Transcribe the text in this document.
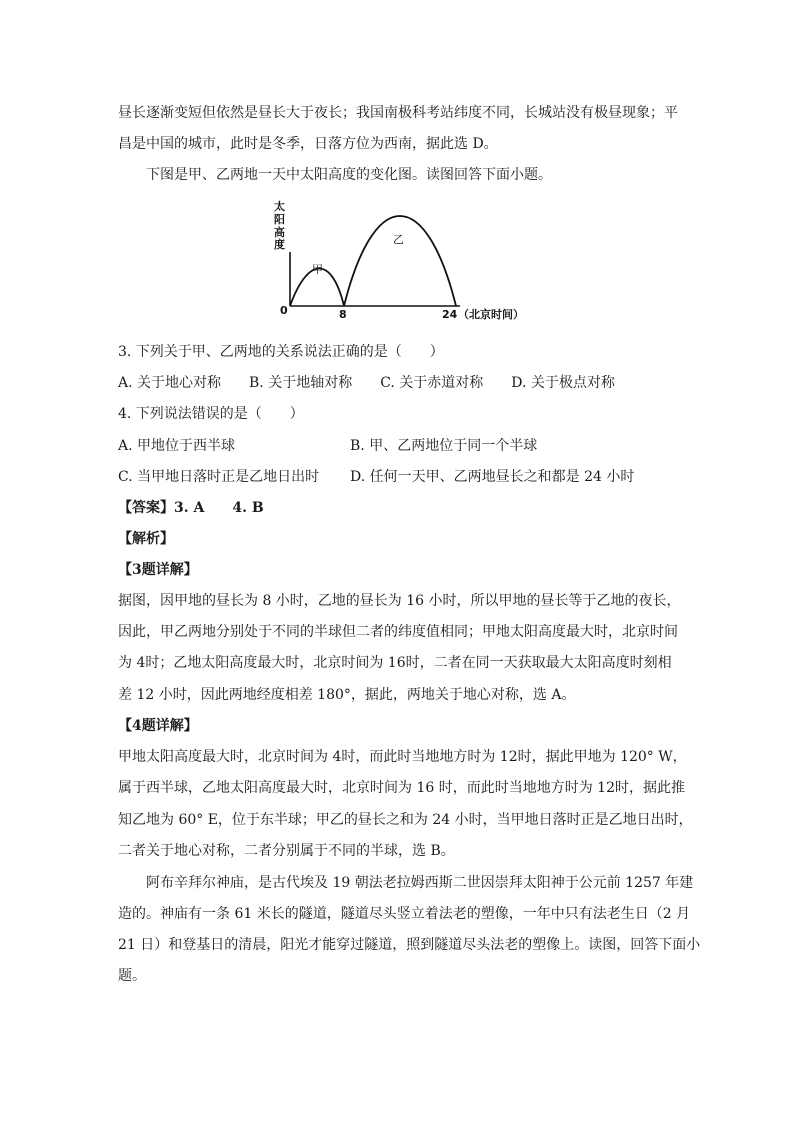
昼长逐渐变短但依然是昼长大于夜长；我国南极科考站纬度不同，长城站没有极昼现象；平
昌是中国的城市，此时是冬季，日落方位为西南，据此选 D。
下图是甲、乙两地一天中太阳高度的变化图。读图回答下面小题。
太
阳
高
度
甲
乙
0	8	24 （北京时间）
3. 下列关于甲、乙两地的关系说法正确的是（　　）
A. 关于地心对称　　B. 关于地轴对称　　C. 关于赤道对称　　D. 关于极点对称
4. 下列说法错误的是（　　）
A. 甲地位于西半球	B. 甲、乙两地位于同一个半球
C. 当甲地日落时正是乙地日出时 D. 任何一天甲、乙两地昼长之和都是 24 小时
【答案】3. A　　4. B
【解析】
【3题详解】
据图，因甲地的昼长为 8 小时，乙地的昼长为 16 小时，所以甲地的昼长等于乙地的夜长，
因此，甲乙两地分别处于不同的半球但二者的纬度值相同；甲地太阳高度最大时，北京时间
为 4时；乙地太阳高度最大时，北京时间为 16时，二者在同一天获取最大太阳高度时刻相
差 12 小时，因此两地经度相差 180°，据此，两地关于地心对称，选 A。
【4题详解】
甲地太阳高度最大时，北京时间为 4时，而此时当地地方时为 12时，据此甲地为 120° W，
属于西半球，乙地太阳高度最大时，北京时间为 16 时，而此时当地地方时为 12时，据此推
知乙地为 60° E，位于东半球；甲乙的昼长之和为 24 小时，当甲地日落时正是乙地日出时，
二者关于地心对称，二者分别属于不同的半球，选 B。
阿布辛拜尔神庙，是古代埃及 19 朝法老拉姆西斯二世因崇拜太阳神于公元前 1257 年建
造的。神庙有一条 61 米长的隧道，隧道尽头竖立着法老的塑像，一年中只有法老生日（2 月
21 日）和登基日的清晨，阳光才能穿过隧道，照到隧道尽头法老的塑像上。读图，回答下面小
题。
